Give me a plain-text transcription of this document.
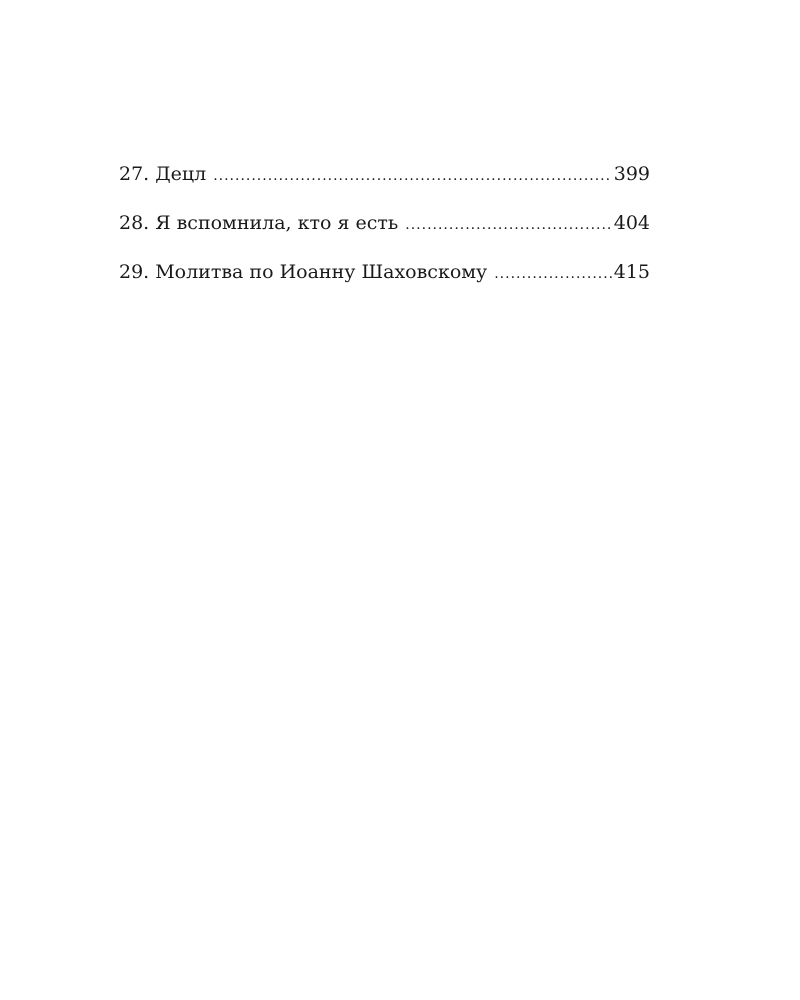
27. Децл .....	399
28. Я вспомнила, кто я есть .....	404
29. Молитва по Иоанну Шаховскому .....	415
